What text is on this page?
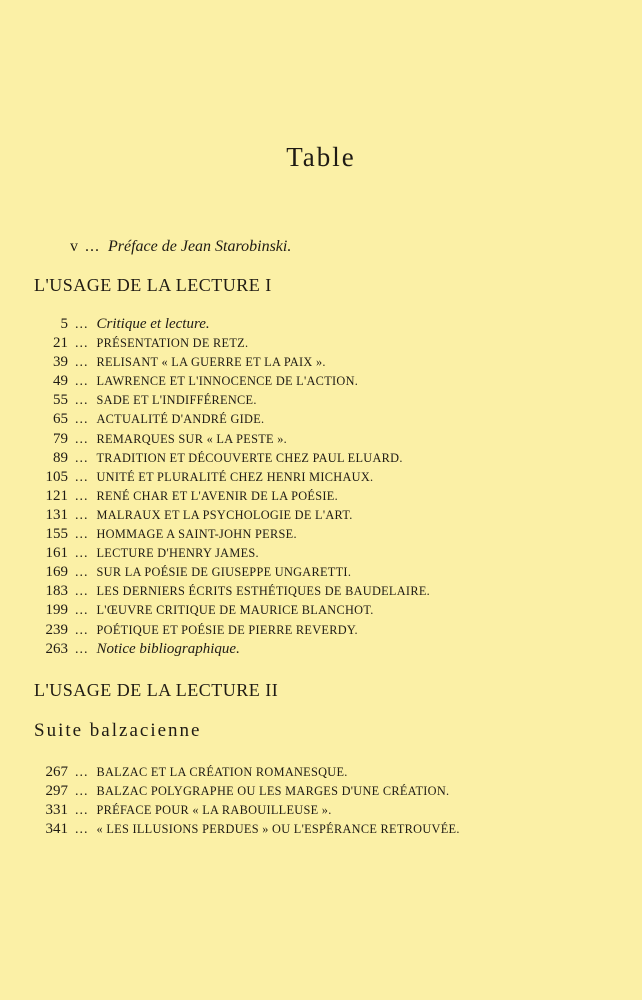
Table
v ... Préface de Jean Starobinski.
L'USAGE DE LA LECTURE I
5 ... Critique et lecture.
21 ... PRÉSENTATION DE RETZ.
39 ... RELISANT « LA GUERRE ET LA PAIX ».
49 ... LAWRENCE ET L'INNOCENCE DE L'ACTION.
55 ... SADE ET L'INDIFFÉRENCE.
65 ... ACTUALITÉ D'ANDRÉ GIDE.
79 ... REMARQUES SUR « LA PESTE ».
89 ... TRADITION ET DÉCOUVERTE CHEZ PAUL ELUARD.
105 ... UNITÉ ET PLURALITÉ CHEZ HENRI MICHAUX.
121 ... RENÉ CHAR ET L'AVENIR DE LA POÉSIE.
131 ... MALRAUX ET LA PSYCHOLOGIE DE L'ART.
155 ... HOMMAGE A SAINT-JOHN PERSE.
161 ... LECTURE D'HENRY JAMES.
169 ... SUR LA POÉSIE DE GIUSEPPE UNGARETTI.
183 ... LES DERNIERS ÉCRITS ESTHÉTIQUES DE BAUDELAIRE.
199 ... L'ŒUVRE CRITIQUE DE MAURICE BLANCHOT.
239 ... POÉTIQUE ET POÉSIE DE PIERRE REVERDY.
263 ... Notice bibliographique.
L'USAGE DE LA LECTURE II
Suite balzacienne
267 ... BALZAC ET LA CRÉATION ROMANESQUE.
297 ... BALZAC POLYGRAPHE OU LES MARGES D'UNE CRÉATION.
331 ... PRÉFACE POUR « LA RABOUILLEUSE ».
341 ... « LES ILLUSIONS PERDUES » OU L'ESPÉRANCE RETROUVÉE.
